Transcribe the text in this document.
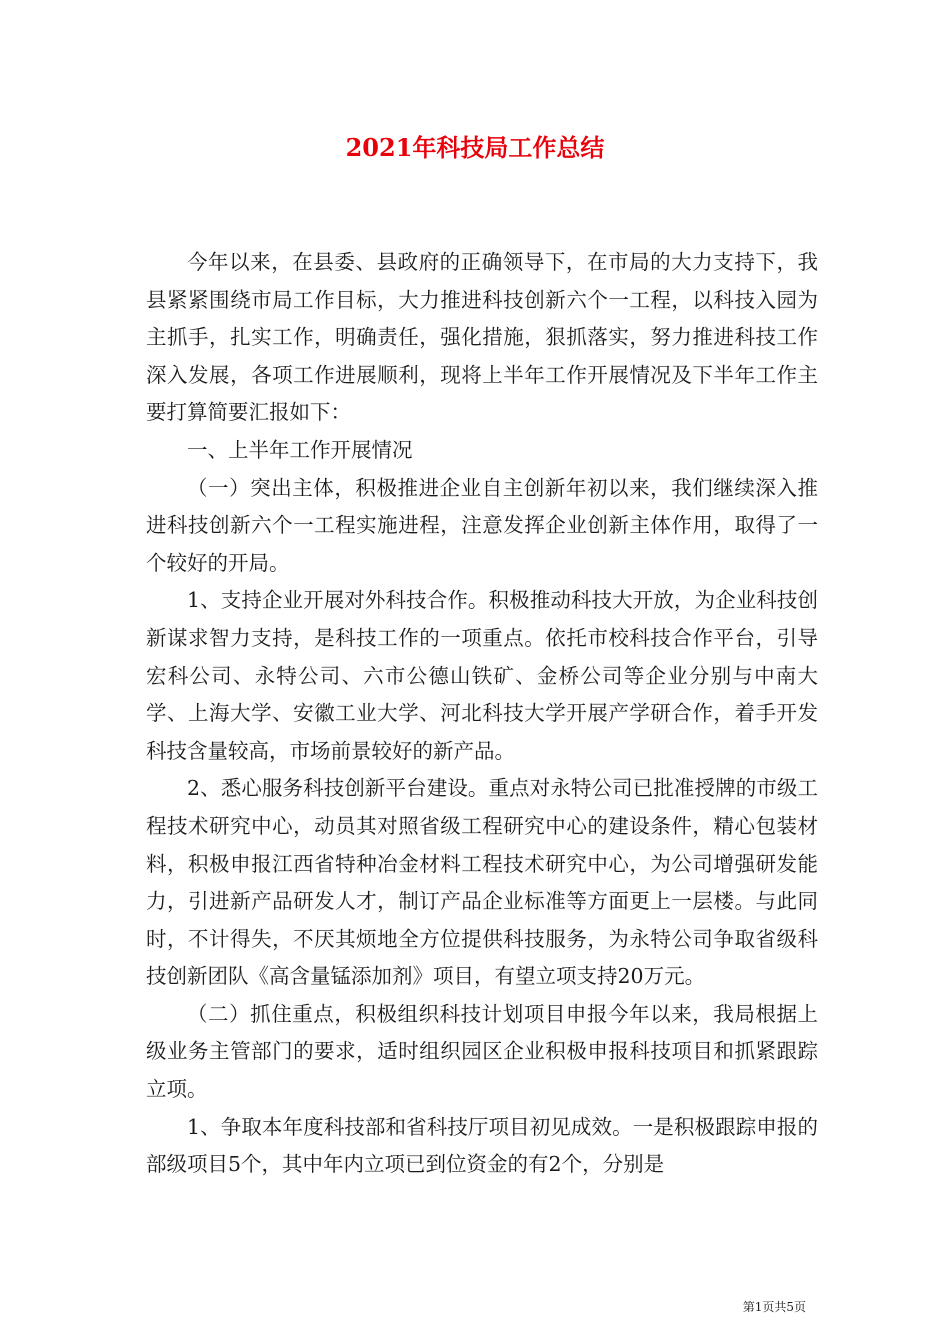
2021年科技局工作总结

今年以来，在县委、县政府的正确领导下，在市局的大力支持下，我县紧紧围绕市局工作目标，大力推进科技创新六个一工程，以科技入园为主抓手，扎实工作，明确责任，强化措施，狠抓落实，努力推进科技工作深入发展，各项工作进展顺利，现将上半年工作开展情况及下半年工作主要打算简要汇报如下：

一、上半年工作开展情况

（一）突出主体，积极推进企业自主创新年初以来，我们继续深入推进科技创新六个一工程实施进程，注意发挥企业创新主体作用，取得了一个较好的开局。

1、支持企业开展对外科技合作。积极推动科技大开放，为企业科技创新谋求智力支持，是科技工作的一项重点。依托市校科技合作平台，引导宏科公司、永特公司、六市公德山铁矿、金桥公司等企业分别与中南大学、上海大学、安徽工业大学、河北科技大学开展产学研合作，着手开发科技含量较高，市场前景较好的新产品。

2、悉心服务科技创新平台建设。重点对永特公司已批准授牌的市级工程技术研究中心，动员其对照省级工程研究中心的建设条件，精心包装材料，积极申报江西省特种冶金材料工程技术研究中心，为公司增强研发能力，引进新产品研发人才，制订产品企业标准等方面更上一层楼。与此同时，不计得失，不厌其烦地全方位提供科技服务，为永特公司争取省级科技创新团队《高含量锰添加剂》项目，有望立项支持20万元。

（二）抓住重点，积极组织科技计划项目申报今年以来，我局根据上级业务主管部门的要求，适时组织园区企业积极申报科技项目和抓紧跟踪立项。

1、争取本年度科技部和省科技厅项目初见成效。一是积极跟踪申报的部级项目5个，其中年内立项已到位资金的有2个，分别是

第1页共5页
